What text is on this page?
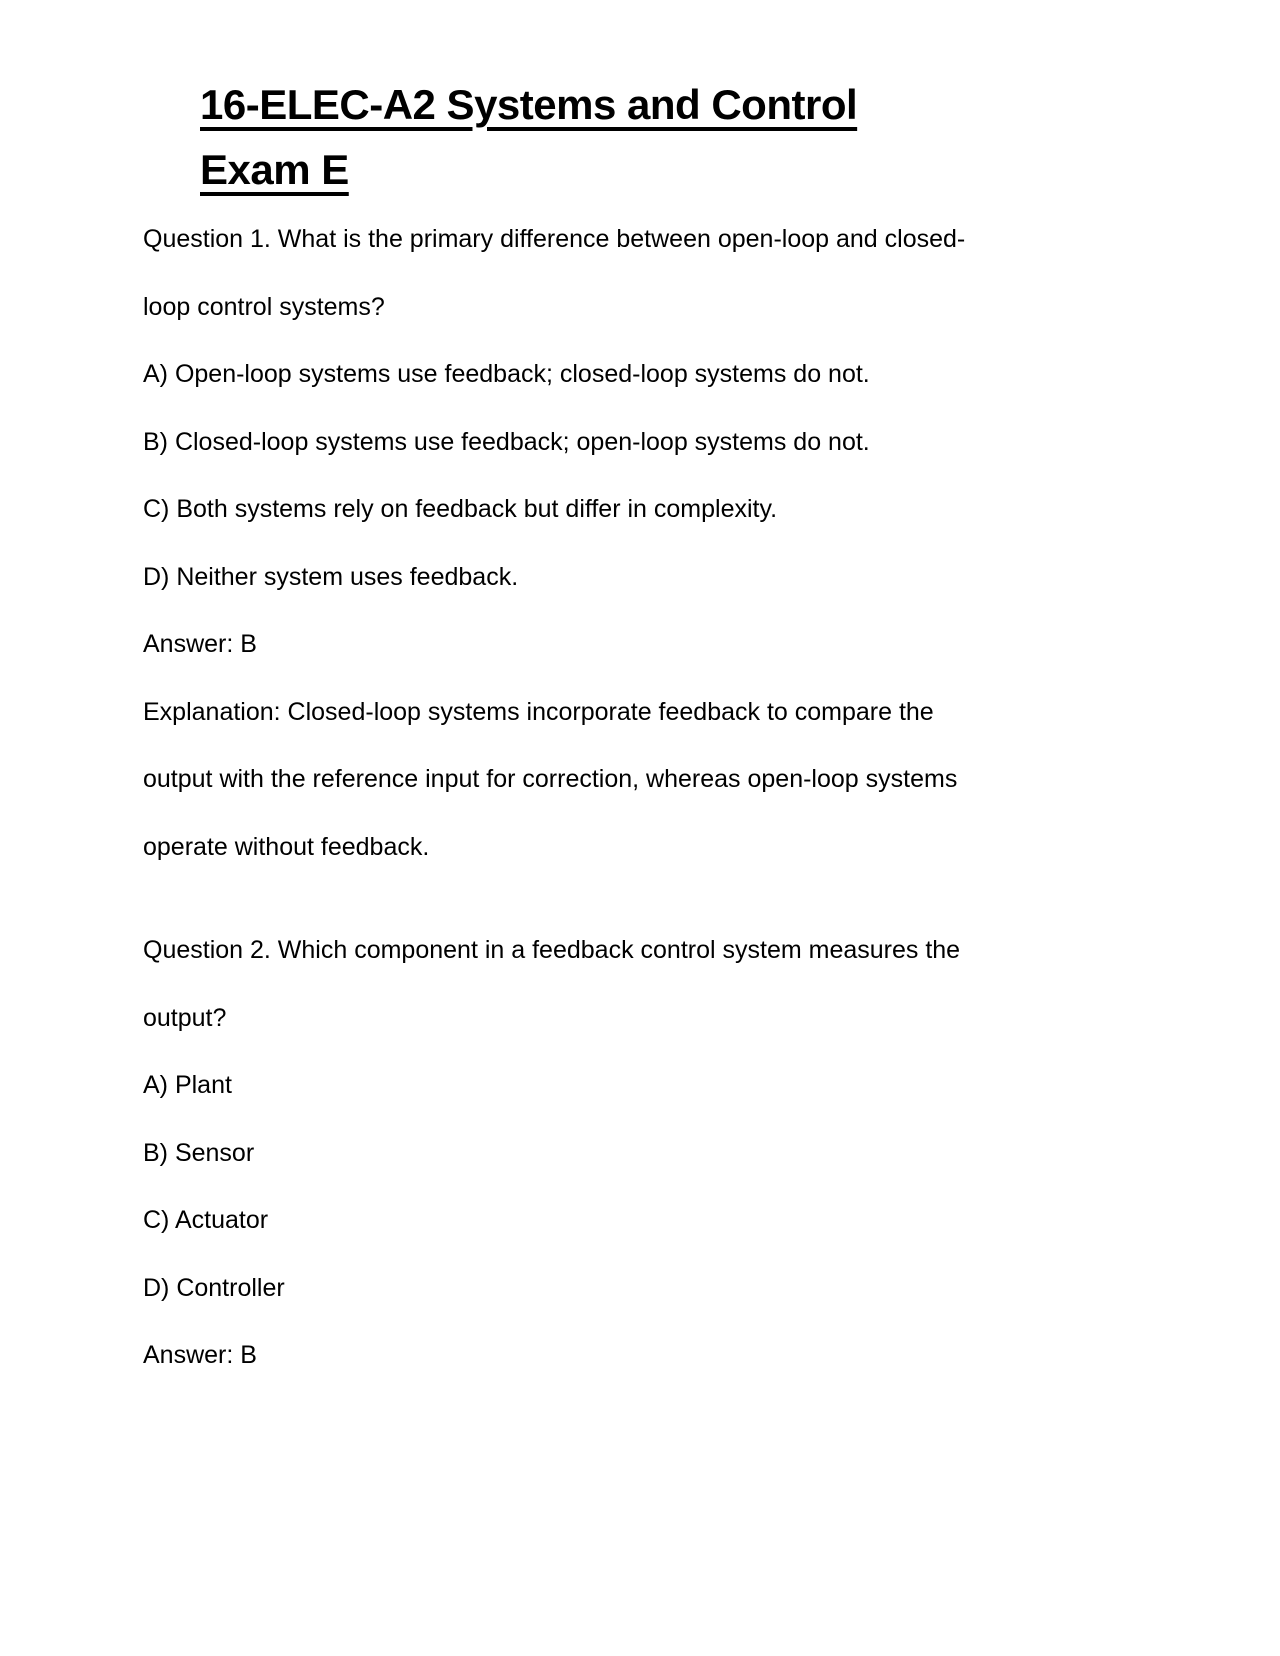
16-ELEC-A2 Systems and Control
Exam E

Question 1. What is the primary difference between open-loop and closed-

loop control systems?

A) Open-loop systems use feedback; closed-loop systems do not.

B) Closed-loop systems use feedback; open-loop systems do not.

C) Both systems rely on feedback but differ in complexity.

D) Neither system uses feedback.

Answer: B

Explanation: Closed-loop systems incorporate feedback to compare the

output with the reference input for correction, whereas open-loop systems

operate without feedback.

Question 2. Which component in a feedback control system measures the

output?

A) Plant

B) Sensor

C) Actuator

D) Controller

Answer: B
